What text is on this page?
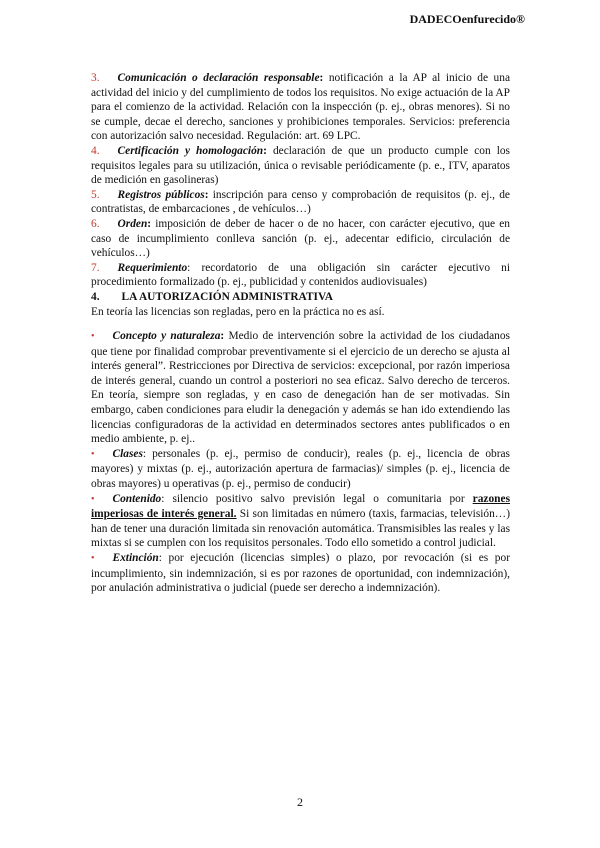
DADECOenfurecido®

3. Comunicación o declaración responsable: notificación a la AP al inicio de una actividad del inicio y del cumplimiento de todos los requisitos. No exige actuación de la AP para el comienzo de la actividad. Relación con la inspección (p. ej., obras menores). Si no se cumple, decae el derecho, sanciones y prohibiciones temporales. Servicios: preferencia con autorización salvo necesidad. Regulación: art. 69 LPC.

4. Certificación y homologación: declaración de que un producto cumple con los requisitos legales para su utilización, única o revisable periódicamente (p. e., ITV, aparatos de medición en gasolineras)

5. Registros públicos: inscripción para censo y comprobación de requisitos (p. ej., de contratistas, de embarcaciones , de vehículos…)

6. Orden: imposición de deber de hacer o de no hacer, con carácter ejecutivo, que en caso de incumplimiento conlleva sanción (p. ej., adecentar edificio, circulación de vehículos…)

7. Requerimiento: recordatorio de una obligación sin carácter ejecutivo ni procedimiento formalizado (p. ej., publicidad y contenidos audiovisuales)

4. LA AUTORIZACIÓN ADMINISTRATIVA

En teoría las licencias son regladas, pero en la práctica no es así.

• Concepto y naturaleza: Medio de intervención sobre la actividad de los ciudadanos que tiene por finalidad comprobar preventivamente si el ejercicio de un derecho se ajusta al interés general”. Restricciones por Directiva de servicios: excepcional, por razón imperiosa de interés general, cuando un control a posteriori no sea eficaz. Salvo derecho de terceros. En teoría, siempre son regladas, y en caso de denegación han de ser motivadas. Sin embargo, caben condiciones para eludir la denegación y además se han ido extendiendo las licencias configuradoras de la actividad en determinados sectores antes publificados o en medio ambiente, p. ej..

• Clases: personales (p. ej., permiso de conducir), reales (p. ej., licencia de obras mayores) y mixtas (p. ej., autorización apertura de farmacias)/ simples (p. ej., licencia de obras mayores) u operativas (p. ej., permiso de conducir)

• Contenido: silencio positivo salvo previsión legal o comunitaria por razones imperiosas de interés general. Si son limitadas en número (taxis, farmacias, televisión…) han de tener una duración limitada sin renovación automática. Transmisibles las reales y las mixtas si se cumplen con los requisitos personales. Todo ello sometido a control judicial.

• Extinción: por ejecución (licencias simples) o plazo, por revocación (si es por incumplimiento, sin indemnización, si es por razones de oportunidad, con indemnización), por anulación administrativa o judicial (puede ser derecho a indemnización).

2
